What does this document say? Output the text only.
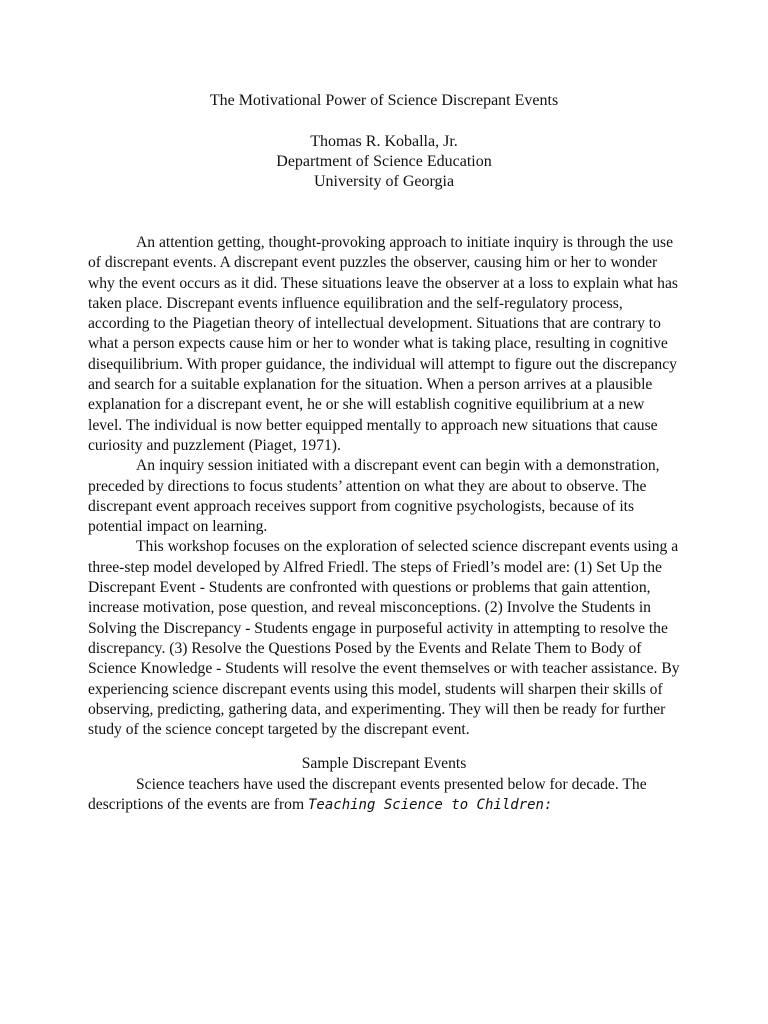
The Motivational Power of Science Discrepant Events
Thomas R. Koballa, Jr.
Department of Science Education
University of Georgia

An attention getting, thought-provoking approach to initiate inquiry is through the use of discrepant events. A discrepant event puzzles the observer, causing him or her to wonder why the event occurs as it did. These situations leave the observer at a loss to explain what has taken place. Discrepant events influence equilibration and the self-regulatory process, according to the Piagetian theory of intellectual development. Situations that are contrary to what a person expects cause him or her to wonder what is taking place, resulting in cognitive disequilibrium. With proper guidance, the individual will attempt to figure out the discrepancy and search for a suitable explanation for the situation. When a person arrives at a plausible explanation for a discrepant event, he or she will establish cognitive equilibrium at a new level. The individual is now better equipped mentally to approach new situations that cause curiosity and puzzlement (Piaget, 1971).

An inquiry session initiated with a discrepant event can begin with a demonstration, preceded by directions to focus students’ attention on what they are about to observe. The discrepant event approach receives support from cognitive psychologists, because of its potential impact on learning.

This workshop focuses on the exploration of selected science discrepant events using a three-step model developed by Alfred Friedl. The steps of Friedl’s model are: (1) Set Up the Discrepant Event - Students are confronted with questions or problems that gain attention, increase motivation, pose question, and reveal misconceptions. (2) Involve the Students in Solving the Discrepancy - Students engage in purposeful activity in attempting to resolve the discrepancy. (3) Resolve the Questions Posed by the Events and Relate Them to Body of Science Knowledge - Students will resolve the event themselves or with teacher assistance. By experiencing science discrepant events using this model, students will sharpen their skills of observing, predicting, gathering data, and experimenting. They will then be ready for further study of the science concept targeted by the discrepant event.

Sample Discrepant Events

Science teachers have used the discrepant events presented below for decade. The descriptions of the events are from Teaching Science to Children:
